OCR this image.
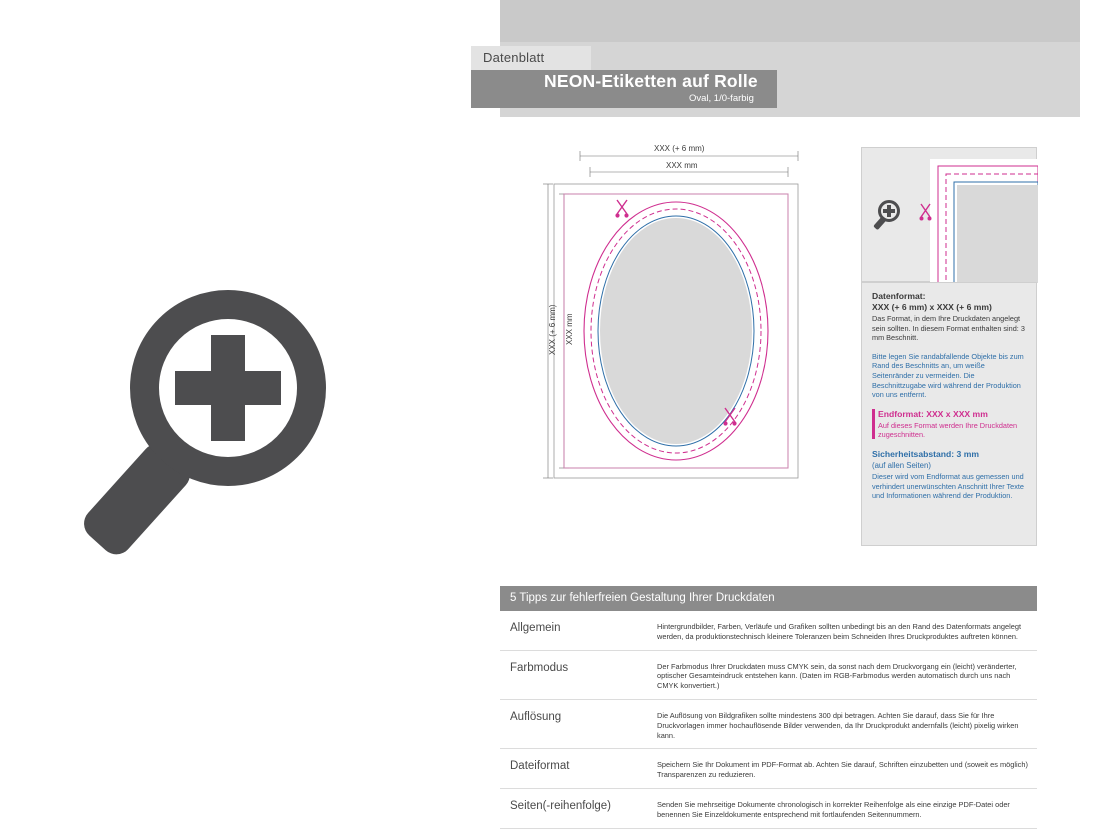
Datenblatt
NEON-Etiketten auf Rolle
Oval, 1/0-farbig
XXX (+ 6 mm)
XXX mm
XXX (+ 6 mm) XXX mm
Datenformat:
XXX (+ 6 mm) x XXX (+ 6 mm)
Das Format, in dem Ihre Druckdaten angelegt sein sollten. In diesem Format enthalten sind: 3 mm Beschnitt.
Bitte legen Sie randabfallende Objekte bis zum Rand des Beschnitts an, um weiße Seitenränder zu vermeiden. Die Beschnittzugabe wird während der Produktion von uns entfernt.
Endformat: XXX x XXX mm
Auf dieses Format werden Ihre Druckdaten zugeschnitten.
Sicherheitsabstand: 3 mm
(auf allen Seiten)
Dieser wird vom Endformat aus gemessen und verhindert unerwünschten Anschnitt Ihrer Texte und Informationen während der Produktion.
5 Tipps zur fehlerfreien Gestaltung Ihrer Druckdaten
Allgemein	Hintergrundbilder, Farben, Verläufe und Grafiken sollten unbedingt bis an den Rand des Datenformats angelegt werden, da produktionstechnisch kleinere Toleranzen beim Schneiden Ihres Druckproduktes auftreten können.
Farbmodus	Der Farbmodus Ihrer Druckdaten muss CMYK sein, da sonst nach dem Druckvorgang ein (leicht) veränderter, optischer Gesamteindruck entstehen kann. (Daten im RGB-Farbmodus werden automatisch durch uns nach CMYK konvertiert.)
Auflösung	Die Auflösung von Bildgrafiken sollte mindestens 300 dpi betragen. Achten Sie darauf, dass Sie für Ihre Druckvorlagen immer hochauflösende Bilder verwenden, da Ihr Druckprodukt andernfalls (leicht) pixelig wirken kann.
Dateiformat	Speichern Sie Ihr Dokument im PDF-Format ab. Achten Sie darauf, Schriften einzubetten und (soweit es möglich) Transparenzen zu reduzieren.
Seiten(-reihenfolge)	Senden Sie mehrseitige Dokumente chronologisch in korrekter Reihenfolge als eine einzige PDF-Datei oder benennen Sie Einzeldokumente entsprechend mit fortlaufenden Seitennummern.
